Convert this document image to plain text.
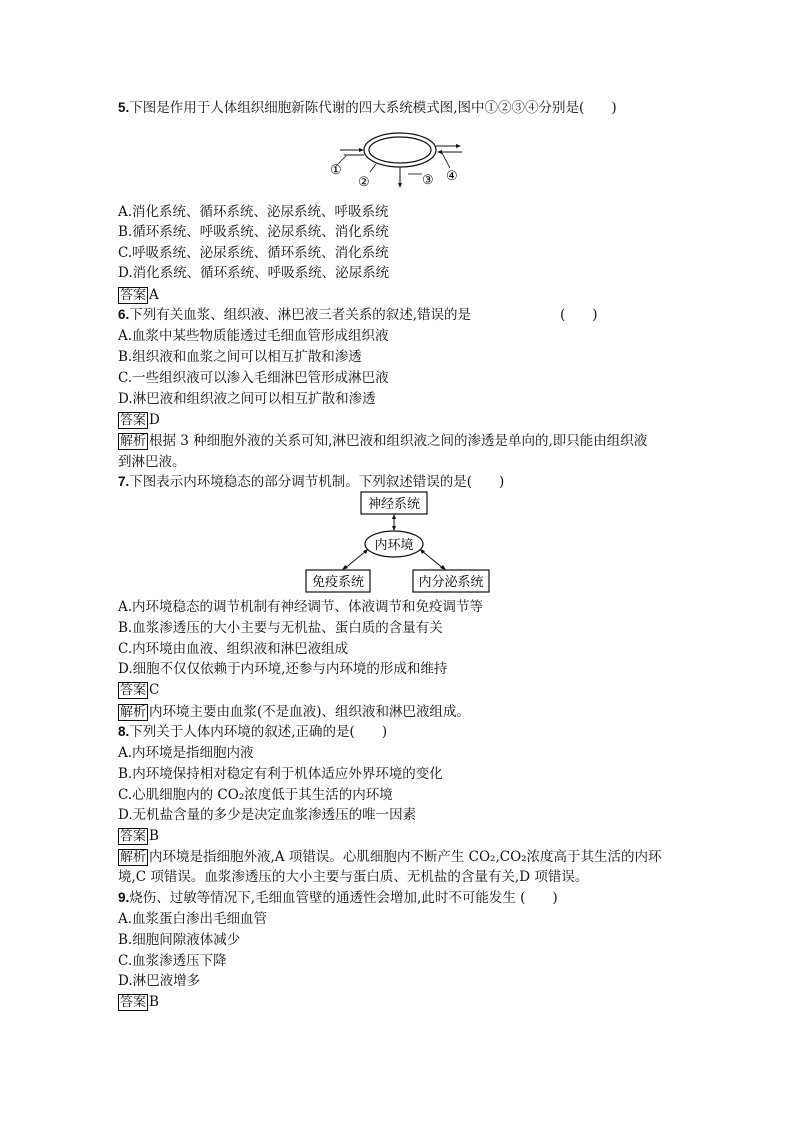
5.下图是作用于人体组织细胞新陈代谢的四大系统模式图,图中①②③④分别是(　　)
①
②	③ ④
A.消化系统、循环系统、泌尿系统、呼吸系统
B.循环系统、呼吸系统、泌尿系统、消化系统
C.呼吸系统、泌尿系统、循环系统、消化系统
D.消化系统、循环系统、呼吸系统、泌尿系统
答案 A
6.下列有关血浆、组织液、淋巴液三者关系的叙述,错误的是	(　　)
A.血浆中某些物质能透过毛细血管形成组织液
B.组织液和血浆之间可以相互扩散和渗透
C.一些组织液可以渗入毛细淋巴管形成淋巴液
D.淋巴液和组织液之间可以相互扩散和渗透
答案 D
解析 根据 3 种细胞外液的关系可知,淋巴液和组织液之间的渗透是单向的,即只能由组织液
到淋巴液。
7.下图表示内环境稳态的部分调节机制。下列叙述错误的是(　　)
神经系统
内环境
免疫系统	内分泌系统
A.内环境稳态的调节机制有神经调节、体液调节和免疫调节等
B.血浆渗透压的大小主要与无机盐、蛋白质的含量有关
C.内环境由血液、组织液和淋巴液组成
D.细胞不仅仅依赖于内环境,还参与内环境的形成和维持
答案 C
解析 内环境主要由血浆(不是血液)、组织液和淋巴液组成。
8.下列关于人体内环境的叙述,正确的是(　　)
A.内环境是指细胞内液
B.内环境保持相对稳定有利于机体适应外界环境的变化
C.心肌细胞内的 CO₂浓度低于其生活的内环境
D.无机盐含量的多少是决定血浆渗透压的唯一因素
答案 B
解析 内环境是指细胞外液,A 项错误。心肌细胞内不断产生 CO₂,CO₂浓度高于其生活的内环
境,C 项错误。血浆渗透压的大小主要与蛋白质、无机盐的含量有关,D 项错误。
9.烧伤、过敏等情况下,毛细血管壁的通透性会增加,此时不可能发生 (　　)
A.血浆蛋白渗出毛细血管
B.细胞间隙液体减少
C.血浆渗透压下降
D.淋巴液增多
答案 B
